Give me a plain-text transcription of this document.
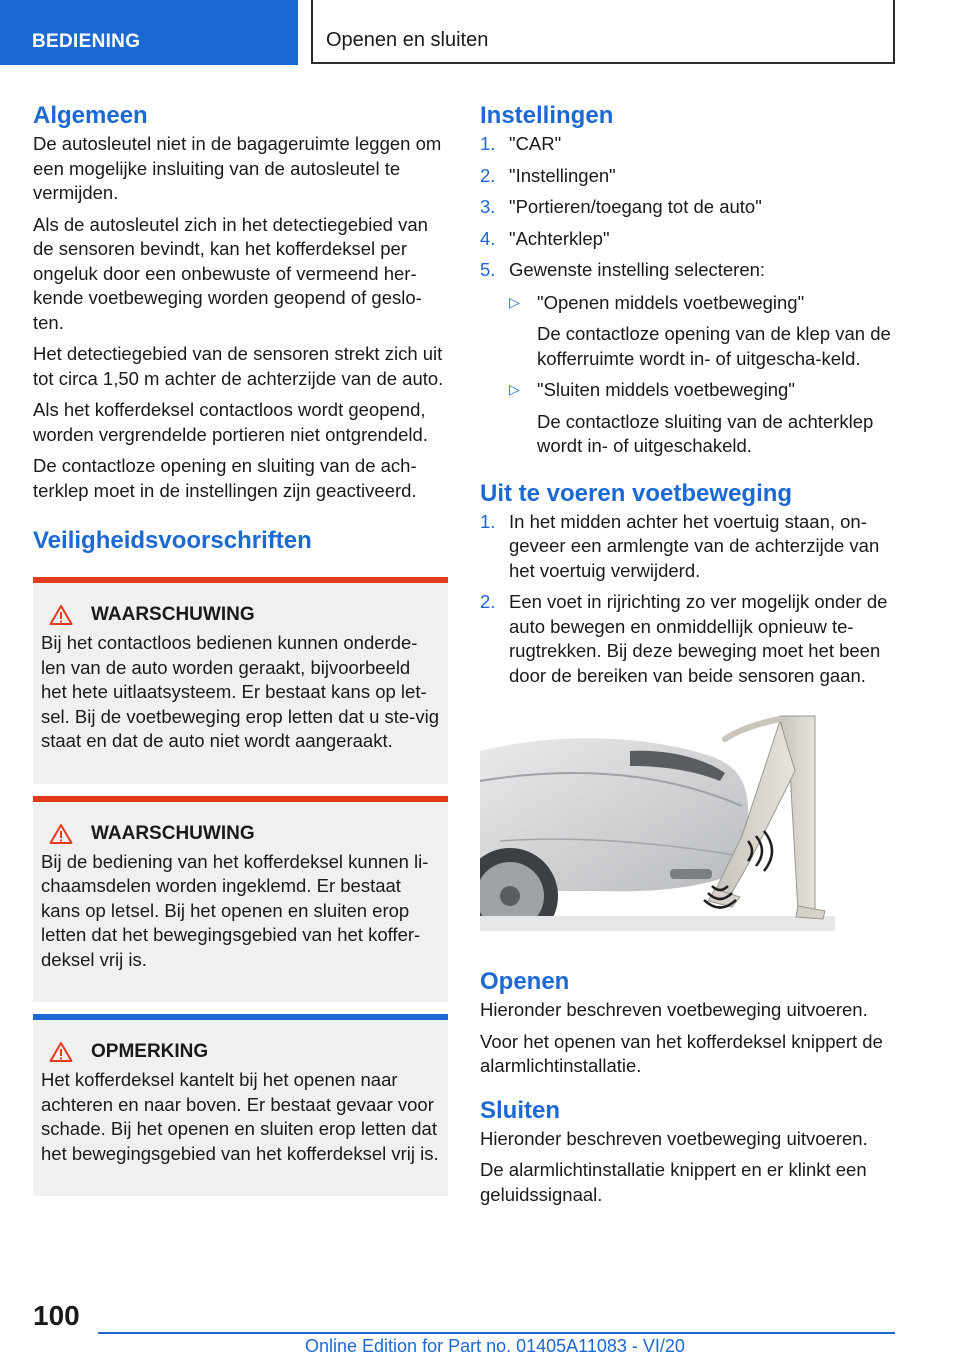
BEDIENING	Openen en sluiten
Algemeen

De autosleutel niet in de bagageruimte leggen om een mogelijke insluiting van de autosleutel te vermijden.

Als de autosleutel zich in het detectiegebied van de sensoren bevindt, kan het kofferdeksel per ongeluk door een onbewuste of vermeend her-kende voetbeweging worden geopend of geslo-ten.

Het detectiegebied van de sensoren strekt zich uit tot circa 1,50 m achter de achterzijde van de auto.

Als het kofferdeksel contactloos wordt geopend, worden vergrendelde portieren niet ontgrendeld.

De contactloze opening en sluiting van de ach-terklep moet in de instellingen zijn geactiveerd.

Veiligheidsvoorschriften
WAARSCHUWING

Bij het contactloos bedienen kunnen onderde-len van de auto worden geraakt, bijvoorbeeld het hete uitlaatsysteem. Er bestaat kans op let-sel. Bij de voetbeweging erop letten dat u ste-vig staat en dat de auto niet wordt aangeraakt.

WAARSCHUWING

Bij de bediening van het kofferdeksel kunnen li-chaamsdelen worden ingeklemd. Er bestaat kans op letsel. Bij het openen en sluiten erop letten dat het bewegingsgebied van het koffer-deksel vrij is.

OPMERKING

Het kofferdeksel kantelt bij het openen naar achteren en naar boven. Er bestaat gevaar voor schade. Bij het openen en sluiten erop letten dat het bewegingsgebied van het kofferdeksel vrij is.

Instellingen
1. "CAR"
2. "Instellingen"
3. "Portieren/toegang tot de auto"
4. "Achterklep"
5. Gewenste instelling selecteren:
▷ "Openen middels voetbeweging"

De contactloze opening van de klep van de kofferruimte wordt in- of uitgescha-keld.

▷ "Sluiten middels voetbeweging"

De contactloze sluiting van de achterklep wordt in- of uitgeschakeld.

Uit te voeren voetbeweging
1. In het midden achter het voertuig staan, on-geveer een armlengte van de achterzijde van het voertuig verwijderd.
2. Een voet in rijrichting zo ver mogelijk onder de auto bewegen en onmiddellijk opnieuw te-rugtrekken. Bij deze beweging moet het been door de bereiken van beide sensoren gaan.
Openen

Hieronder beschreven voetbeweging uitvoeren.

Voor het openen van het kofferdeksel knippert de alarmlichtinstallatie.

Sluiten

Hieronder beschreven voetbeweging uitvoeren.

De alarmlichtinstallatie knippert en er klinkt een geluidssignaal.

100
Online Edition for Part no. 01405A11083 - VI/20
